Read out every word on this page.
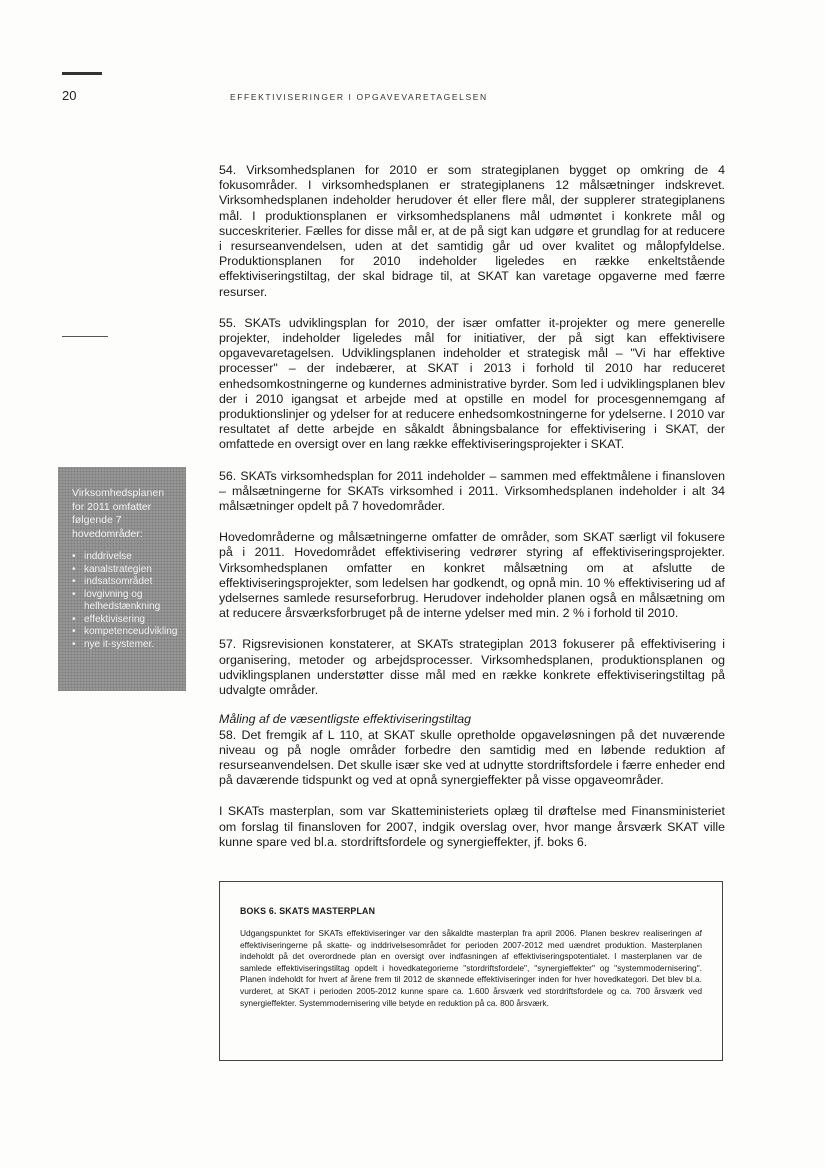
20	EFFEKTIVISERINGER I OPGAVEVARETAGELSEN

Virksomhedsplanen for 2011 omfatter følgende 7 hovedområder:

• inddrivelse
• kanalstrategien
• indsatsområdet
• lovgivning og helhedstænkning
• effektivisering
• kompetenceudvikling
• nye it-systemer.

54. Virksomhedsplanen for 2010 er som strategiplanen bygget op omkring de 4 fokusområder. I virksomhedsplanen er strategiplanens 12 målsætninger indskrevet. Virksomhedsplanen indeholder herudover ét eller flere mål, der supplerer strategiplanens mål. I produktionsplanen er virksomhedsplanens mål udmøntet i konkrete mål og succeskriterier. Fælles for disse mål er, at de på sigt kan udgøre et grundlag for at reducere i resurseanvendelsen, uden at det samtidig går ud over kvalitet og målopfyldelse. Produktionsplanen for 2010 indeholder ligeledes en række enkeltstående effektiviseringstiltag, der skal bidrage til, at SKAT kan varetage opgaverne med færre resurser.

55. SKATs udviklingsplan for 2010, der især omfatter it-projekter og mere generelle projekter, indeholder ligeledes mål for initiativer, der på sigt kan effektivisere opgavevaretagelsen. Udviklingsplanen indeholder et strategisk mål – "Vi har effektive processer" – der indebærer, at SKAT i 2013 i forhold til 2010 har reduceret enhedsomkostningerne og kundernes administrative byrder. Som led i udviklingsplanen blev der i 2010 igangsat et arbejde med at opstille en model for procesgennemgang af produktionslinjer og ydelser for at reducere enhedsomkostningerne for ydelserne. I 2010 var resultatet af dette arbejde en såkaldt åbningsbalance for effektivisering i SKAT, der omfattede en oversigt over en lang række effektiviseringsprojekter i SKAT.

56. SKATs virksomhedsplan for 2011 indeholder – sammen med effektmålene i finansloven – målsætningerne for SKATs virksomhed i 2011. Virksomhedsplanen indeholder i alt 34 målsætninger opdelt på 7 hovedområder.

Hovedområderne og målsætningerne omfatter de områder, som SKAT særligt vil fokusere på i 2011. Hovedområdet effektivisering vedrører styring af effektiviseringsprojekter. Virksomhedsplanen omfatter en konkret målsætning om at afslutte de effektiviseringsprojekter, som ledelsen har godkendt, og opnå min. 10 % effektivisering ud af ydelsernes samlede resurseforbrug. Herudover indeholder planen også en målsætning om at reducere årsværksforbruget på de interne ydelser med min. 2 % i forhold til 2010.

57. Rigsrevisionen konstaterer, at SKATs strategiplan 2013 fokuserer på effektivisering i organisering, metoder og arbejdsprocesser. Virksomhedsplanen, produktionsplanen og udviklingsplanen understøtter disse mål med en række konkrete effektiviseringstiltag på udvalgte områder.

Måling af de væsentligste effektiviseringstiltag

58. Det fremgik af L 110, at SKAT skulle opretholde opgaveløsningen på det nuværende niveau og på nogle områder forbedre den samtidig med en løbende reduktion af resurseanvendelsen. Det skulle især ske ved at udnytte stordriftsfordele i færre enheder end på daværende tidspunkt og ved at opnå synergieffekter på visse opgaveområder.

I SKATs masterplan, som var Skatteministeriets oplæg til drøftelse med Finansministeriet om forslag til finansloven for 2007, indgik overslag over, hvor mange årsværk SKAT ville kunne spare ved bl.a. stordriftsfordele og synergieffekter, jf. boks 6.

BOKS 6. SKATS MASTERPLAN

Udgangspunktet for SKATs effektiviseringer var den såkaldte masterplan fra april 2006. Planen beskrev realiseringen af effektiviseringerne på skatte- og inddrivelsesområdet for perioden 2007-2012 med uændret produktion. Masterplanen indeholdt på det overordnede plan en oversigt over indfasningen af effektiviseringspotentialet. I masterplanen var de samlede effektiviseringstiltag opdelt i hovedkategorierne "stordriftsfordele", "synergieffekter" og "systemmodernisering". Planen indeholdt for hvert af årene frem til 2012 de skønnede effektiviseringer inden for hver hovedkategori. Det blev bl.a. vurderet, at SKAT i perioden 2005-2012 kunne spare ca. 1.600 årsværk ved stordriftsfordele og ca. 700 årsværk ved synergieffekter. Systemmodernisering ville betyde en reduktion på ca. 800 årsværk.
